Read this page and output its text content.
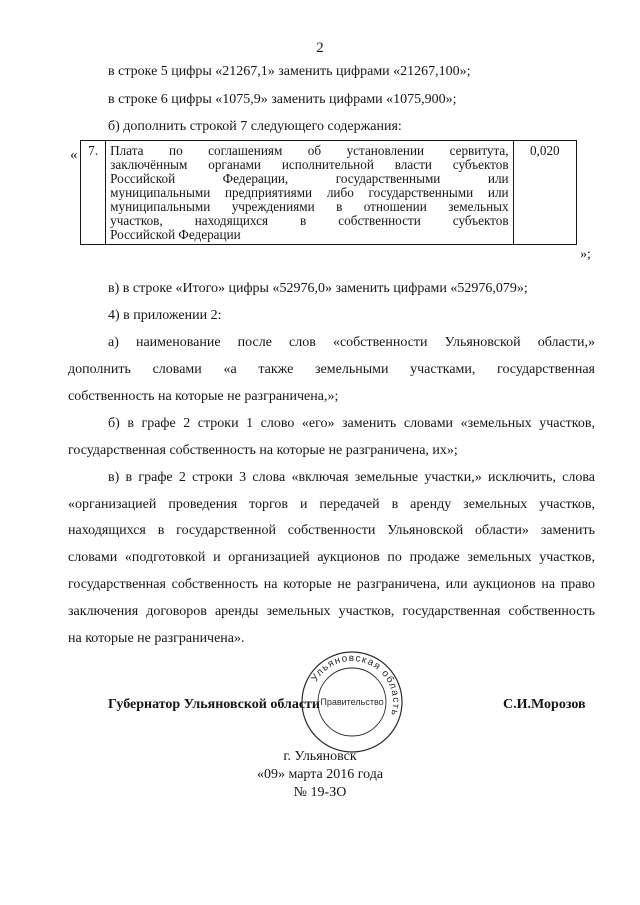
2
в строке 5 цифры «21267,1» заменить цифрами «21267,100»;
в строке 6 цифры «1075,9» заменить цифрами «1075,900»;
б) дополнить строкой 7 следующего содержания:
« 7.	Плата по соглашениям об установлении сервитута,
заключённым органами исполнительной власти субъектов
Российской Федерации, государственными или
муниципальными предприятиями либо государственными или
муниципальными учреждениями в отношении земельных
участков, находящихся в собственности субъектов
Российской Федерации
	0,020
»;
в) в строке «Итого» цифры «52976,0» заменить цифрами «52976,079»;
4) в приложении 2:
а) наименование после слов «собственности Ульяновской области,»
дополнить словами «а также земельными участками, государственная
собственность на которые не разграничена,»;
б) в графе 2 строки 1 слово «его» заменить словами «земельных участков,
государственная собственность на которые не разграничена, их»;
в) в графе 2 строки 3 слова «включая земельные участки,» исключить, слова
«организацией проведения торгов и передачей в аренду земельных участков,
находящихся в государственной собственности Ульяновской области» заменить
словами «подготовкой и организацией аукционов по продаже земельных участков,
государственная собственность на которые не разграничена, или аукционов на право
заключения договоров аренды земельных участков, государственная собственность
на которые не разграничена».
Губернатор Ульяновской области
Ульяновская область
Правительство	С.И.Морозов
г. Ульяновск
«09» марта 2016 года
№ 19-ЗО
